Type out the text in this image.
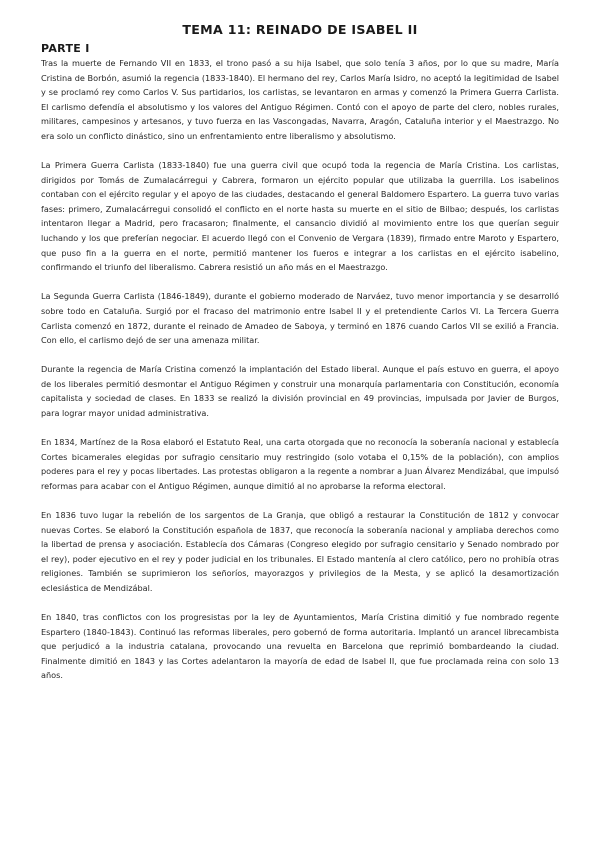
TEMA 11: REINADO DE ISABEL II
PARTE I

Tras la muerte de Fernando VII en 1833, el trono pasó a su hija Isabel, que solo tenía 3 años, por lo que su madre, María Cristina de Borbón, asumió la regencia (1833-1840). El hermano del rey, Carlos María Isidro, no aceptó la legitimidad de Isabel y se proclamó rey como Carlos V. Sus partidarios, los carlistas, se levantaron en armas y comenzó la Primera Guerra Carlista. El carlismo defendía el absolutismo y los valores del Antiguo Régimen. Contó con el apoyo de parte del clero, nobles rurales, militares, campesinos y artesanos, y tuvo fuerza en las Vascongadas, Navarra, Aragón, Cataluña interior y el Maestrazgo. No era solo un conflicto dinástico, sino un enfrentamiento entre liberalismo y absolutismo.

La Primera Guerra Carlista (1833-1840) fue una guerra civil que ocupó toda la regencia de María Cristina. Los carlistas, dirigidos por Tomás de Zumalacárregui y Cabrera, formaron un ejército popular que utilizaba la guerrilla. Los isabelinos contaban con el ejército regular y el apoyo de las ciudades, destacando el general Baldomero Espartero. La guerra tuvo varias fases: primero, Zumalacárregui consolidó el conflicto en el norte hasta su muerte en el sitio de Bilbao; después, los carlistas intentaron llegar a Madrid, pero fracasaron; finalmente, el cansancio dividió al movimiento entre los que querían seguir luchando y los que preferían negociar. El acuerdo llegó con el Convenio de Vergara (1839), firmado entre Maroto y Espartero, que puso fin a la guerra en el norte, permitió mantener los fueros e integrar a los carlistas en el ejército isabelino, confirmando el triunfo del liberalismo. Cabrera resistió un año más en el Maestrazgo.

La Segunda Guerra Carlista (1846-1849), durante el gobierno moderado de Narváez, tuvo menor importancia y se desarrolló sobre todo en Cataluña. Surgió por el fracaso del matrimonio entre Isabel II y el pretendiente Carlos VI. La Tercera Guerra Carlista comenzó en 1872, durante el reinado de Amadeo de Saboya, y terminó en 1876 cuando Carlos VII se exilió a Francia. Con ello, el carlismo dejó de ser una amenaza militar.

Durante la regencia de María Cristina comenzó la implantación del Estado liberal. Aunque el país estuvo en guerra, el apoyo de los liberales permitió desmontar el Antiguo Régimen y construir una monarquía parlamentaria con Constitución, economía capitalista y sociedad de clases. En 1833 se realizó la división provincial en 49 provincias, impulsada por Javier de Burgos, para lograr mayor unidad administrativa.

En 1834, Martínez de la Rosa elaboró el Estatuto Real, una carta otorgada que no reconocía la soberanía nacional y establecía Cortes bicamerales elegidas por sufragio censitario muy restringido (solo votaba el 0,15% de la población), con amplios poderes para el rey y pocas libertades. Las protestas obligaron a la regente a nombrar a Juan Álvarez Mendizábal, que impulsó reformas para acabar con el Antiguo Régimen, aunque dimitió al no aprobarse la reforma electoral.

En 1836 tuvo lugar la rebelión de los sargentos de La Granja, que obligó a restaurar la Constitución de 1812 y convocar nuevas Cortes. Se elaboró la Constitución española de 1837, que reconocía la soberanía nacional y ampliaba derechos como la libertad de prensa y asociación. Establecía dos Cámaras (Congreso elegido por sufragio censitario y Senado nombrado por el rey), poder ejecutivo en el rey y poder judicial en los tribunales. El Estado mantenía al clero católico, pero no prohibía otras religiones. También se suprimieron los señoríos, mayorazgos y privilegios de la Mesta, y se aplicó la desamortización eclesiástica de Mendizábal.

En 1840, tras conflictos con los progresistas por la ley de Ayuntamientos, María Cristina dimitió y fue nombrado regente Espartero (1840-1843). Continuó las reformas liberales, pero gobernó de forma autoritaria. Implantó un arancel librecambista que perjudicó a la industria catalana, provocando una revuelta en Barcelona que reprimió bombardeando la ciudad. Finalmente dimitió en 1843 y las Cortes adelantaron la mayoría de edad de Isabel II, que fue proclamada reina con solo 13 años.
